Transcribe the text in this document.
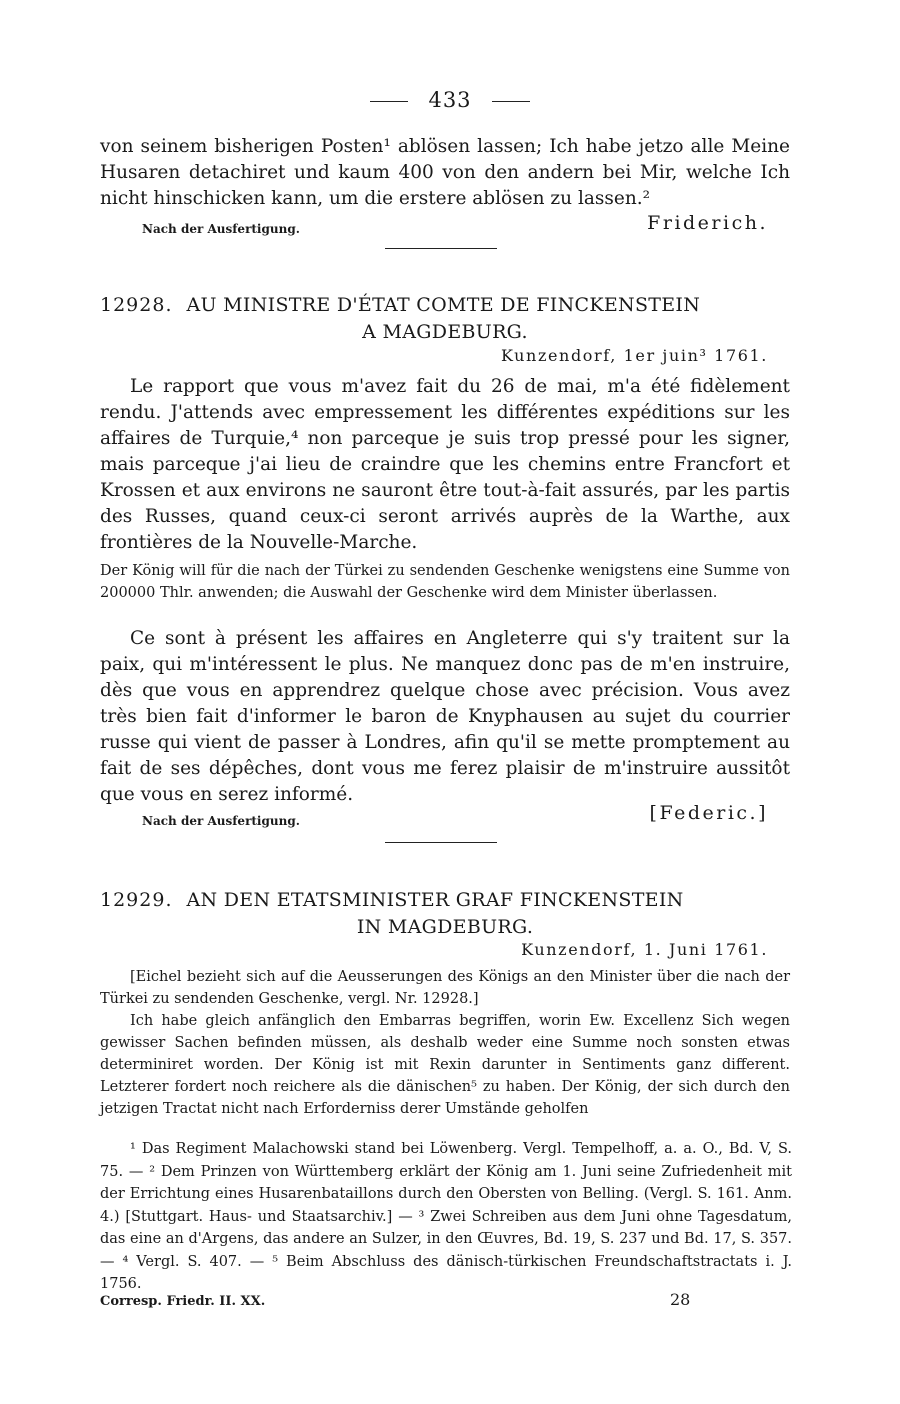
433

von seinem bisherigen Posten¹ ablösen lassen; Ich habe jetzo alle Meine Husaren detachiret und kaum 400 von den andern bei Mir, welche Ich nicht hinschicken kann, um die erstere ablösen zu lassen.²

Nach der Ausfertigung.	Friderich.
12928. AU MINISTRE D'ÉTAT COMTE DE FINCKENSTEIN
A MAGDEBURG.
Kunzendorf, 1er juin³ 1761.

Le rapport que vous m'avez fait du 26 de mai, m'a été fidèlement rendu. J'attends avec empressement les différentes expéditions sur les affaires de Turquie,⁴ non parceque je suis trop pressé pour les signer, mais parceque j'ai lieu de craindre que les chemins entre Francfort et Krossen et aux environs ne sauront être tout-à-fait assurés, par les partis des Russes, quand ceux-ci seront arrivés auprès de la Warthe, aux frontières de la Nouvelle-Marche.

Der König will für die nach der Türkei zu sendenden Geschenke wenigstens eine Summe von 200000 Thlr. anwenden; die Auswahl der Geschenke wird dem Minister überlassen.

Ce sont à présent les affaires en Angleterre qui s'y traitent sur la paix, qui m'intéressent le plus. Ne manquez donc pas de m'en instruire, dès que vous en apprendrez quelque chose avec précision. Vous avez très bien fait d'informer le baron de Knyphausen au sujet du courrier russe qui vient de passer à Londres, afin qu'il se mette promptement au fait de ses dépêches, dont vous me ferez plaisir de m'instruire aussitôt que vous en serez informé.

Nach der Ausfertigung.	[Federic.]
12929. AN DEN ETATSMINISTER GRAF FINCKENSTEIN
IN MAGDEBURG.
Kunzendorf, 1. Juni 1761.

[Eichel bezieht sich auf die Aeusserungen des Königs an den Minister über die nach der Türkei zu sendenden Geschenke, vergl. Nr. 12928.]

Ich habe gleich anfänglich den Embarras begriffen, worin Ew. Excellenz Sich wegen gewisser Sachen befinden müssen, als deshalb weder eine Summe noch sonsten etwas determiniret worden. Der König ist mit Rexin darunter in Sentiments ganz different. Letzterer fordert noch reichere als die dänischen⁵ zu haben. Der König, der sich durch den jetzigen Tractat nicht nach Erforderniss derer Umstände geholfen

¹ Das Regiment Malachowski stand bei Löwenberg. Vergl. Tempelhoff, a. a. O., Bd. V, S. 75. — ² Dem Prinzen von Württemberg erklärt der König am 1. Juni seine Zufriedenheit mit der Errichtung eines Husarenbataillons durch den Obersten von Belling. (Vergl. S. 161. Anm. 4.) [Stuttgart. Haus- und Staatsarchiv.] — ³ Zwei Schreiben aus dem Juni ohne Tagesdatum, das eine an d'Argens, das andere an Sulzer, in den Œuvres, Bd. 19, S. 237 und Bd. 17, S. 357. — ⁴ Vergl. S. 407. — ⁵ Beim Abschluss des dänisch-türkischen Freundschaftstractats i. J. 1756.

Corresp. Friedr. II. XX.	28
